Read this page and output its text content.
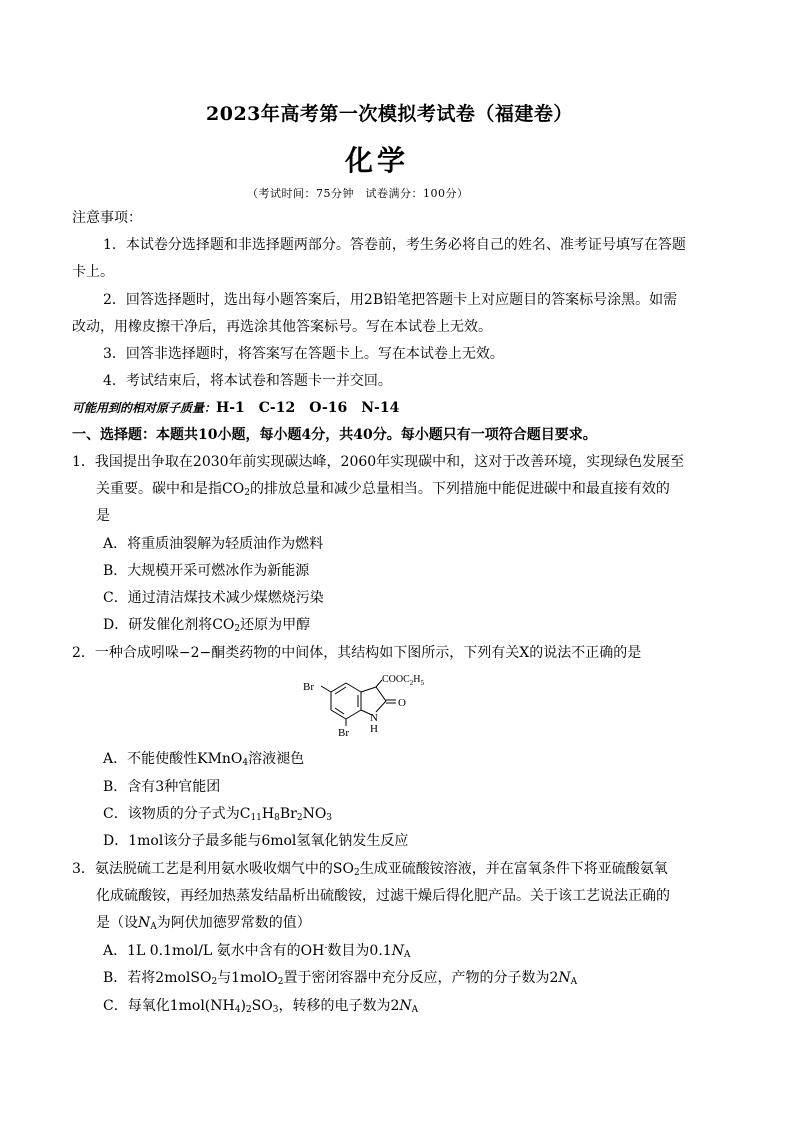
2023年高考第一次模拟考试卷（福建卷）
化学
（考试时间：75分钟　试卷满分：100分）
注意事项：
1．本试卷分选择题和非选择题两部分。答卷前，考生务必将自己的姓名、准考证号填写在答题
卡上。
2．回答选择题时，选出每小题答案后，用2B铅笔把答题卡上对应题目的答案标号涂黑。如需
改动，用橡皮擦干净后，再选涂其他答案标号。写在本试卷上无效。
3．回答非选择题时，将答案写在答题卡上。写在本试卷上无效。
4．考试结束后，将本试卷和答题卡一并交回。
可能用到的相对原子质量：H-1　C-12　O-16　N-14
一、选择题：本题共10小题，每小题4分，共40分。每小题只有一项符合题目要求。
1．我国提出争取在2030年前实现碳达峰，2060年实现碳中和，这对于改善环境，实现绿色发展至
关重要。碳中和是指$CO_2$的排放总量和减少总量相当。下列措施中能促进碳中和最直接有效的
是
A．将重质油裂解为轻质油作为燃料
B．大规模开采可燃冰作为新能源
C．通过清洁煤技术减少煤燃烧污染
D．研发催化剂将$CO_2$还原为甲醇
2．一种合成吲哚−2−酮类药物的中间体，其结构如下图所示，下列有关X的说法不正确的是
Br
Br
$COOC_2H_5$
O
N
H
A．不能使酸性KMnO$_4$溶液褪色
B．含有3种官能团
C．该物质的分子式为$C_{11}H_8Br_2NO_3$
D．1mol该分子最多能与6mol氢氧化钠发生反应
3．氨法脱硫工艺是利用氨水吸收烟气中的$SO_2$生成亚硫酸铵溶液，并在富氧条件下将亚硫酸氨氧
化成硫酸铵，再经加热蒸发结晶析出硫酸铵，过滤干燥后得化肥产品。关于该工艺说法正确的
是（设$N_A$为阿伏加德罗常数的值）
A．1L 0.1mol/L 氨水中含有的OH-数目为$0.1N_A$
B．若将2molSO$_2$与1molO$_2$置于密闭容器中充分反应，产物的分子数为$2N_A$
C．每氧化$1mol(NH_4)_2SO_3$，转移的电子数为$2N_A$
